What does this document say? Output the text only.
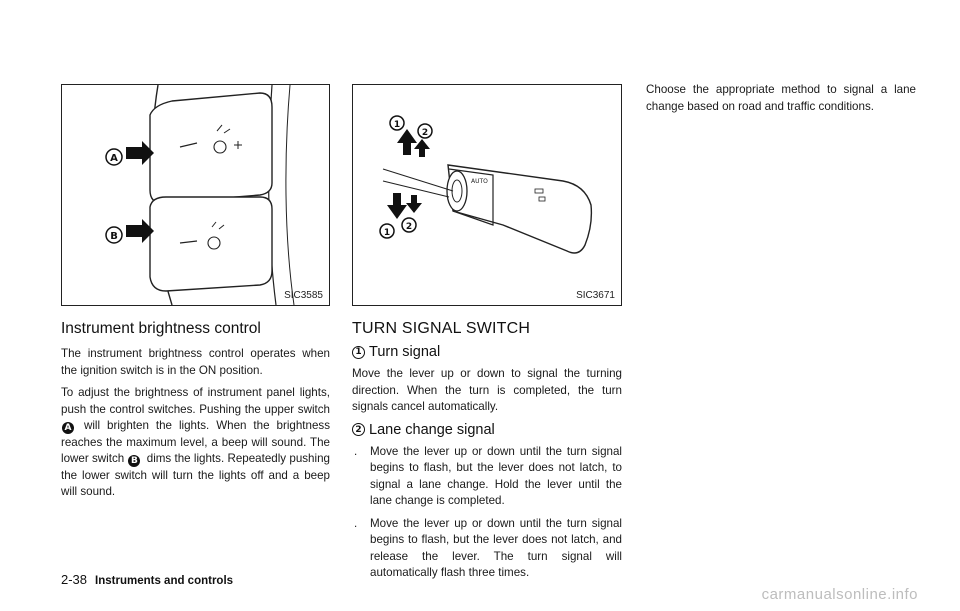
A
B
SIC3585
Instrument brightness control

The instrument brightness control operates when the ignition switch is in the ON position.

To adjust the brightness of instrument panel lights, push the control switches. Pushing the upper switch A will brighten the lights. When the brightness reaches the maximum level, a beep will sound. The lower switch B dims the lights. Repeatedly pushing the lower switch will turn the lights off and a beep will sound.

AUTO
1
2
1
2
SIC3671
TURN SIGNAL SWITCH
1 Turn signal

Move the lever up or down to signal the turning direction. When the turn is completed, the turn signals cancel automatically.

2 Lane change signal
. Move the lever up or down until the turn signal begins to flash, but the lever does not latch, to signal a lane change. Hold the lever until the lane change is completed.
. Move the lever up or down until the turn signal begins to flash, but the lever does not latch, and release the lever. The turn signal will automatically flash three times.

Choose the appropriate method to signal a lane change based on road and traffic conditions.

2-38 Instruments and controls
carmanualsonline.info
